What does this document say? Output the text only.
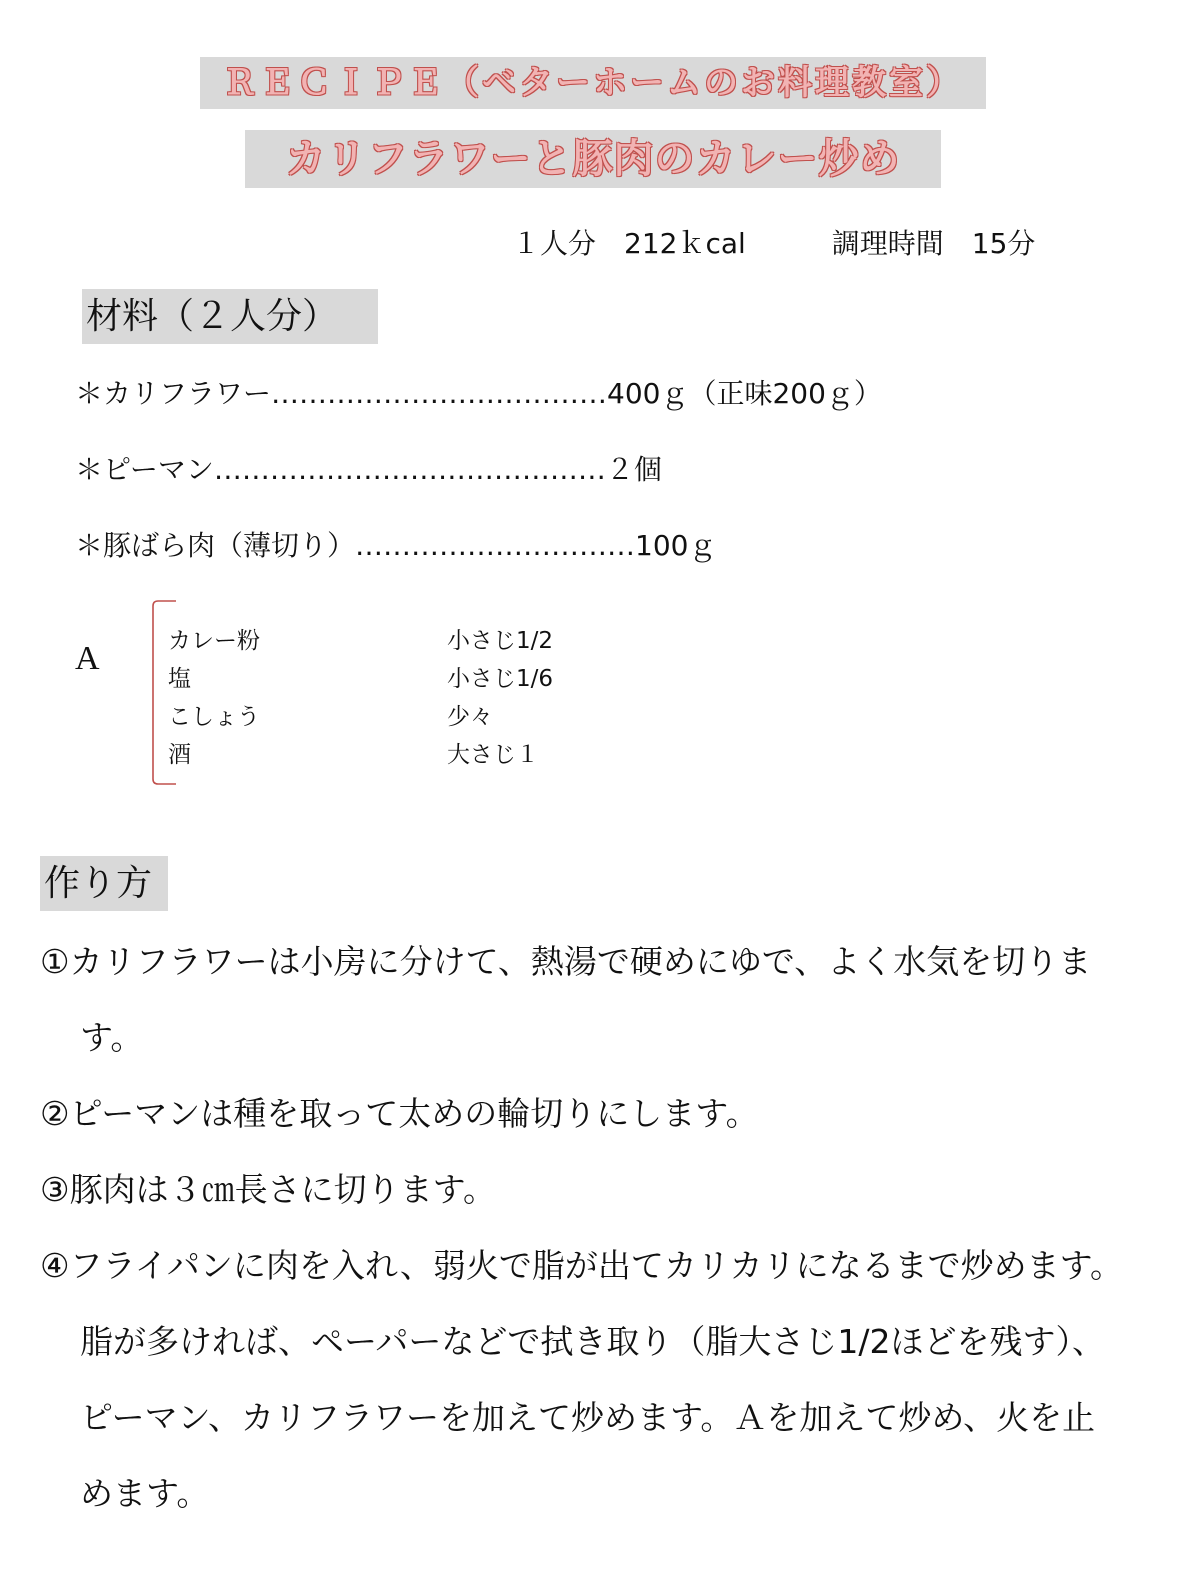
ＲＥＣＩＰＥ（ベターホームのお料理教室）
カリフラワーと豚肉のカレー炒め
１人分　212ｋcal	調理時間　15分
材料（２人分）
＊カリフラワー………………………………400ｇ（正味200ｇ）
＊ピーマン……………………………………２個
＊豚ばら肉（薄切り）…………………………100ｇ
A	カレー粉	小さじ1/2
塩	小さじ1/6
こしょう	少々
酒	大さじ１
作り方
①カリフラワーは小房に分けて、熱湯で硬めにゆで、よく水気を切りま
す。
②ピーマンは種を取って太めの輪切りにします。
③豚肉は３㎝長さに切ります。
④フライパンに肉を入れ、弱火で脂が出てカリカリになるまで炒めます。
脂が多ければ、ペーパーなどで拭き取り（脂大さじ1/2ほどを残す）、
ピーマン、カリフラワーを加えて炒めます。Ａを加えて炒め、火を止
めます。
